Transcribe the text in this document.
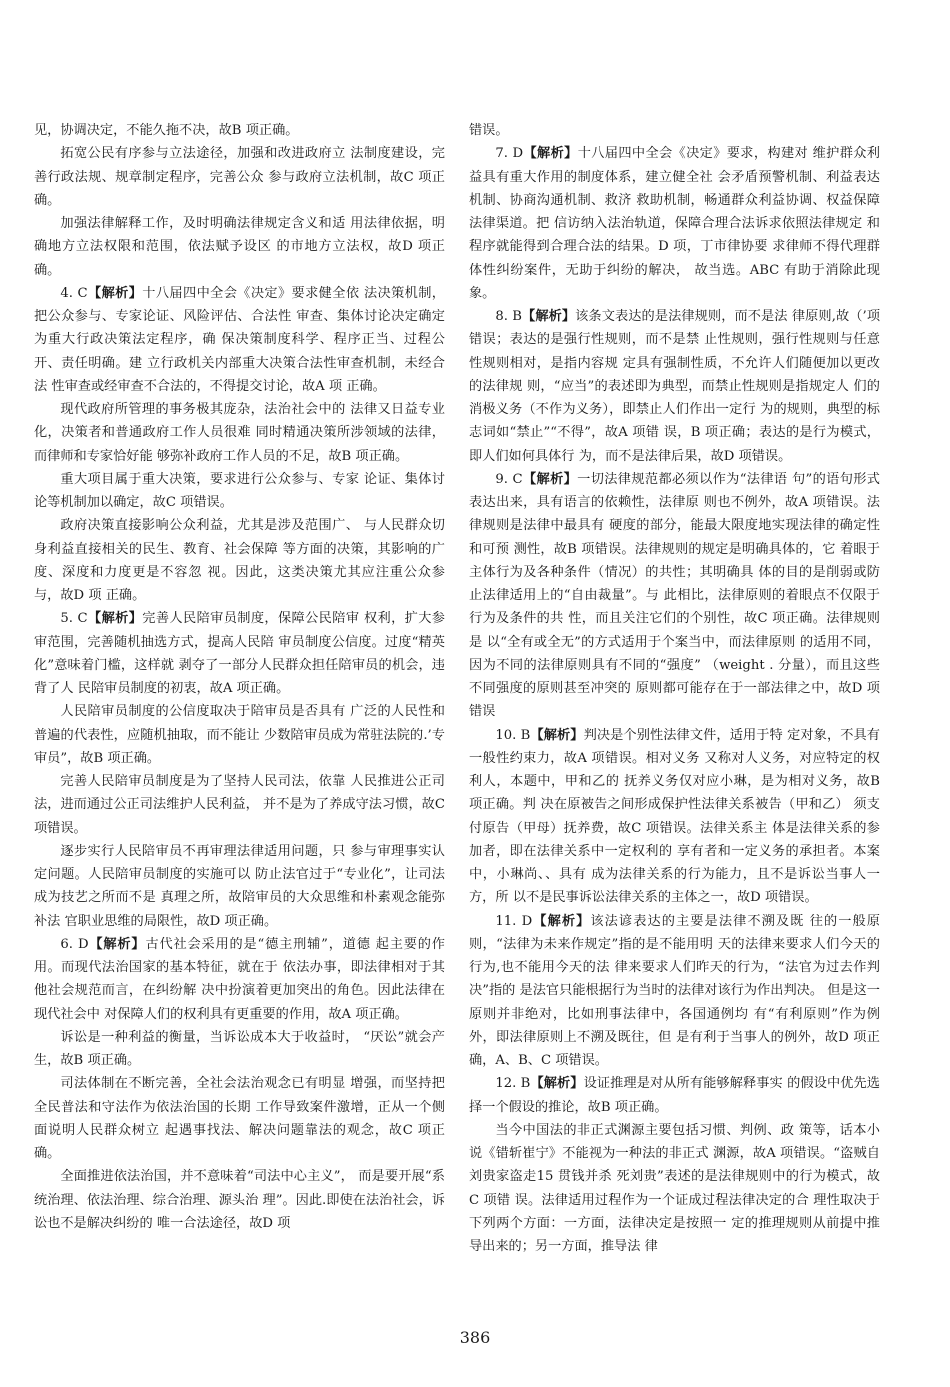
见，协调决定，不能久拖不决，故B 项正确。

拓宽公民有序参与立法途径，加强和改进政府立 法制度建设，完善行政法规、规章制定程序，完善公众 参与政府立法机制，故C 项正确。

加强法律解释工作，及时明确法律规定含义和适 用法律依据，明确地方立法权限和范围，依法赋予设区 的市地方立法权，故D 项正确。

4. C【解析】十八届四中全会《决定》要求健全依 法决策机制，把公众参与、专家论证、风险评估、合法性 审查、集体讨论决定确定为重大行政决策法定程序，确 保决策制度科学、程序正当、过程公开、责任明确。建 立行政机关内部重大决策合法性审查机制，未经合法 性审查或经审查不合法的，不得提交讨论，故A 项 正确。

现代政府所管理的事务极其庞杂，法治社会中的 法律又日益专业化，决策者和普通政府工作人员很难 同时精通决策所涉领域的法律，而律师和专家恰好能 够弥补政府工作人员的不足，故B 项正确。

重大项目属于重大决策，要求进行公众参与、专家 论证、集体讨论等机制加以确定，故C 项错误。

政府决策直接影响公众利益，尤其是涉及范围广、 与人民群众切身利益直接相关的民生、教育、社会保障 等方面的决策，其影响的广度、深度和力度更是不容忽 视。因此，这类决策尤其应注重公众参与，故D 项 正确。

5. C【解析】完善人民陪审员制度，保障公民陪审 权利，扩大参审范围，完善随机抽选方式，提高人民陪 审员制度公信度。过度“精英化”意味着门槛，这样就 剥夺了一部分人民群众担任陪审员的机会，违背了人 民陪审员制度的初衷，故A 项正确。

人民陪审员制度的公信度取决于陪审员是否具有 广泛的人民性和普遍的代表性，应随机抽取，而不能让 少数陪审员成为常驻法院的.’专审员”，故B 项正确。

完善人民陪审员制度是为了坚持人民司法，依靠 人民推进公正司法，进而通过公正司法维护人民利益， 并不是为了养成守法习惯，故C 项错误。

逐步实行人民陪审员不再审理法律适用问题，只 参与审理事实认定问题。人民陪审员制度的实施可以 防止法官过于“专业化”，让司法成为技艺之所而不是 真理之所，故陪审员的大众思维和朴素观念能弥补法 官职业思维的局限性，故D 项正确。

6. D【解析】古代社会采用的是“德主刑辅”，道德 起主要的作用。而现代法治国家的基本特征，就在于 依法办事，即法律相对于其他社会规范而言，在纠纷解 决中扮演着更加突出的角色。因此法律在现代社会中 对保障人们的权利具有更重要的作用，故A 项正确。

诉讼是一种利益的衡量，当诉讼成本大于收益时， “厌讼”就会产生，故B 项正确。

司法体制在不断完善，全社会法治观念已有明显 增强，而坚持把全民普法和守法作为依法治国的长期 工作导致案件激增，正从一个侧面说明人民群众树立 起遇事找法、解决问题靠法的观念，故C 项正确。

全面推进依法治国，并不意味着“司法中心主义”， 而是要开展“系统治理、依法治理、综合治理、源头治 理”。因此.即使在法治社会，诉讼也不是解决纠纷的 唯一合法途径，故D 项

错误。

7. D【解析】十八届四中全会《决定》要求，构建对 维护群众利益具有重大作用的制度体系，建立健全社 会矛盾预警机制、利益表达机制、协商沟通机制、救济 救助机制，畅通群众利益协调、权益保障法律渠道。把 信访纳入法治轨道，保障合理合法诉求依照法律规定 和程序就能得到合理合法的结果。D 项，丁市律协要 求律师不得代理群体性纠纷案件，无助于纠纷的解决， 故当选。ABC 有助于消除此现象。

8. B【解析】该条文表达的是法律规则，而不是法 律原则,故（’项错误；表达的是强行性规则，而不是禁 止性规则，强行性规则与任意性规则相对，是指内容规 定具有强制性质，不允许人们随便加以更改的法律规 则，“应当”的表述即为典型，而禁止性规则是指规定人 们的消极义务（不作为义务），即禁止人们作出一定行 为的规则，典型的标志词如“禁止”“不得”，故A 项错 误，B 项正确；表达的是行为模式，即人们如何具体行 为，而不是法律后果，故D 项错误。

9. C【解析】一切法律规范都必须以作为“法律语 句”的语句形式表达出来，具有语言的依赖性，法律原 则也不例外，故A 项错误。法律规则是法律中最具有 硬度的部分，能最大限度地实现法律的确定性和可预 测性，故B 项错误。法律规则的规定是明确具体的，它 着眼于主体行为及各种条件（情况）的共性；其明确具 体的目的是削弱或防止法律适用上的“自由裁量”。与 此相比，法律原则的着眼点不仅限于行为及条件的共 性，而且关注它们的个别性，故C 项正确。法律规则是 以“全有或全无”的方式适用于个案当中，而法律原则 的适用不同，因为不同的法律原则具有不同的“强度” （weight . 分量），而且这些不同强度的原则甚至冲突的 原则都可能存在于一部法律之中，故D 项错误

10. B【解析】判决是个别性法律文件，适用于特 定对象，不具有一般性约束力，故A 项错误。相对义务 又称对人义务，对应特定的权利人，本题中，甲和乙的 抚养义务仅对应小琳，是为相对义务，故B 项正确。判 决在原被告之间形成保护性法律关系被告（甲和乙） 须支付原告（甲母）抚养费，故C 项错误。法律关系主 体是法律关系的参加者，即在法律关系中一定权利的 享有者和一定义务的承担者。本案中，小琳尚、、具有 成为法律关系的行为能力，且不是诉讼当事人一方，所 以不是民事诉讼法律关系的主体之一，故D 项错误。

11. D【解析】该法谚表达的主要是法律不溯及既 往的一般原则，“法律为未来作规定”指的是不能用明 天的法律来要求人们今天的行为,也不能用今天的法 律来要求人们昨天的行为，“法官为过去作判决”指的 是法官只能根据行为当时的法律对该行为作出判决。 但是这一原则并非绝对，比如刑事法律中，各国通例均 有“有利原则”作为例外，即法律原则上不溯及既往，但 是有利于当事人的例外，故D 项正确，A、B、C 项错误。

12. B【解析】设证推理是对从所有能够解释事实 的假设中优先选择一个假设的推论，故B 项正确。

当今中国法的非正式渊源主要包括习惯、判例、政 策等，话本小说《错斩崔宁》不能视为一种法的非正式 渊源，故A 项错误。“盗贼自刘贵家盗走15 贯钱并杀 死刘贵”表述的是法律规则中的行为模式，故C 项错 误。法律适用过程作为一个证成过程法律决定的合 理性取决于下列两个方面：一方面，法律决定是按照一 定的推理规则从前提中推导出来的；另一方面，推导法 律

386
